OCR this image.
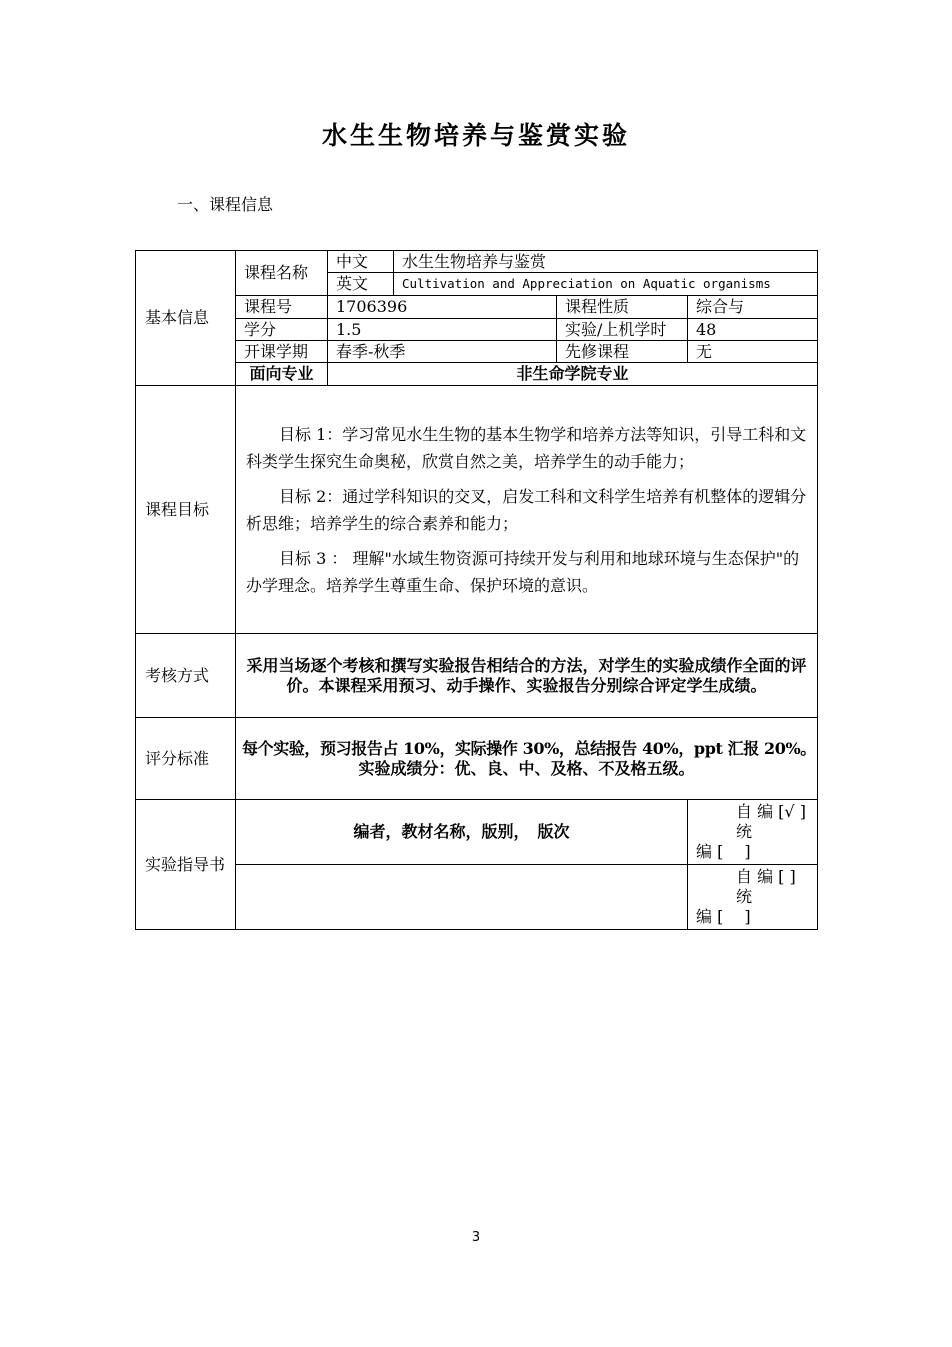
水生生物培养与鉴赏实验
一、课程信息
基本信息	课程名称	中文	水生生物培养与鉴赏		
		英文	Cultivation and Appreciation on Aquatic organisms		
	课程号	1706396		课程性质	综合与
	学分	1.5		实验/上机学时	48
	开课学期	春季-秋季		先修课程	无
	面向专业	非生命学院专业			
课程目标	目标 1：学习常见水生生物的基本生物学和培养方法等知识，引导工科和文科类学生探究生命奥秘，欣赏自然之美，培养学生的动手能力；

目标 2：通过学科知识的交叉，启发工科和文科学生培养有机整体的逻辑分析思维；培养学生的综合素养和能力；

目标 3 ： 理解"水域生物资源可持续开发与利用和地球环境与生态保护"的办学理念。培养学生尊重生命、保护环境的意识。				

考核方式	采用当场逐个考核和撰写实验报告相结合的方法，对学生的实验成绩作全面的评价。本课程采用预习、动手操作、实验报告分别综合评定学生成绩。				
评分标准	每个实验，预习报告占 10%，实际操作 30%，总结报告 40%，ppt 汇报 20%。
实验成绩分：优、良、中、及格、不及格五级。				

实验指导书	编者，教材名称，版别，　版次				自 编 [√ ]统
编 [　 ]

					自 编 [ ]统
编 [　 ]
3
